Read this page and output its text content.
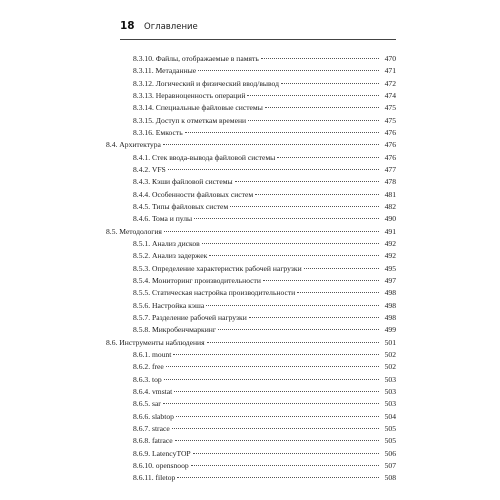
18	Оглавление
8.3.10. Файлы, отображаемые в память	470
8.3.11. Метаданные	471
8.3.12. Логический и физический ввод/вывод	472
8.3.13. Неравноценность операций	474
8.3.14. Специальные файловые системы	475
8.3.15. Доступ к отметкам времени	475
8.3.16. Емкость	476
8.4. Архитектура	476
8.4.1. Стек ввода-вывода файловой системы	476
8.4.2. VFS	477
8.4.3. Кэши файловой системы	478
8.4.4. Особенности файловых систем	481
8.4.5. Типы файловых систем	482
8.4.6. Тома и пулы	490
8.5. Методология	491
8.5.1. Анализ дисков	492
8.5.2. Анализ задержек	492
8.5.3. Определение характеристик рабочей нагрузки	495
8.5.4. Мониторинг производительности	497
8.5.5. Статическая настройка производительности	498
8.5.6. Настройка кэша	498
8.5.7. Разделение рабочей нагрузки	498
8.5.8. Микробенчмаркинг	499
8.6. Инструменты наблюдения	501
8.6.1. mount	502
8.6.2. free	502
8.6.3. top	503
8.6.4. vmstat	503
8.6.5. sar	503
8.6.6. slabtop	504
8.6.7. strace	505
8.6.8. fatrace	505
8.6.9. LatencyTOP	506
8.6.10. opensnoop	507
8.6.11. filetop	508
